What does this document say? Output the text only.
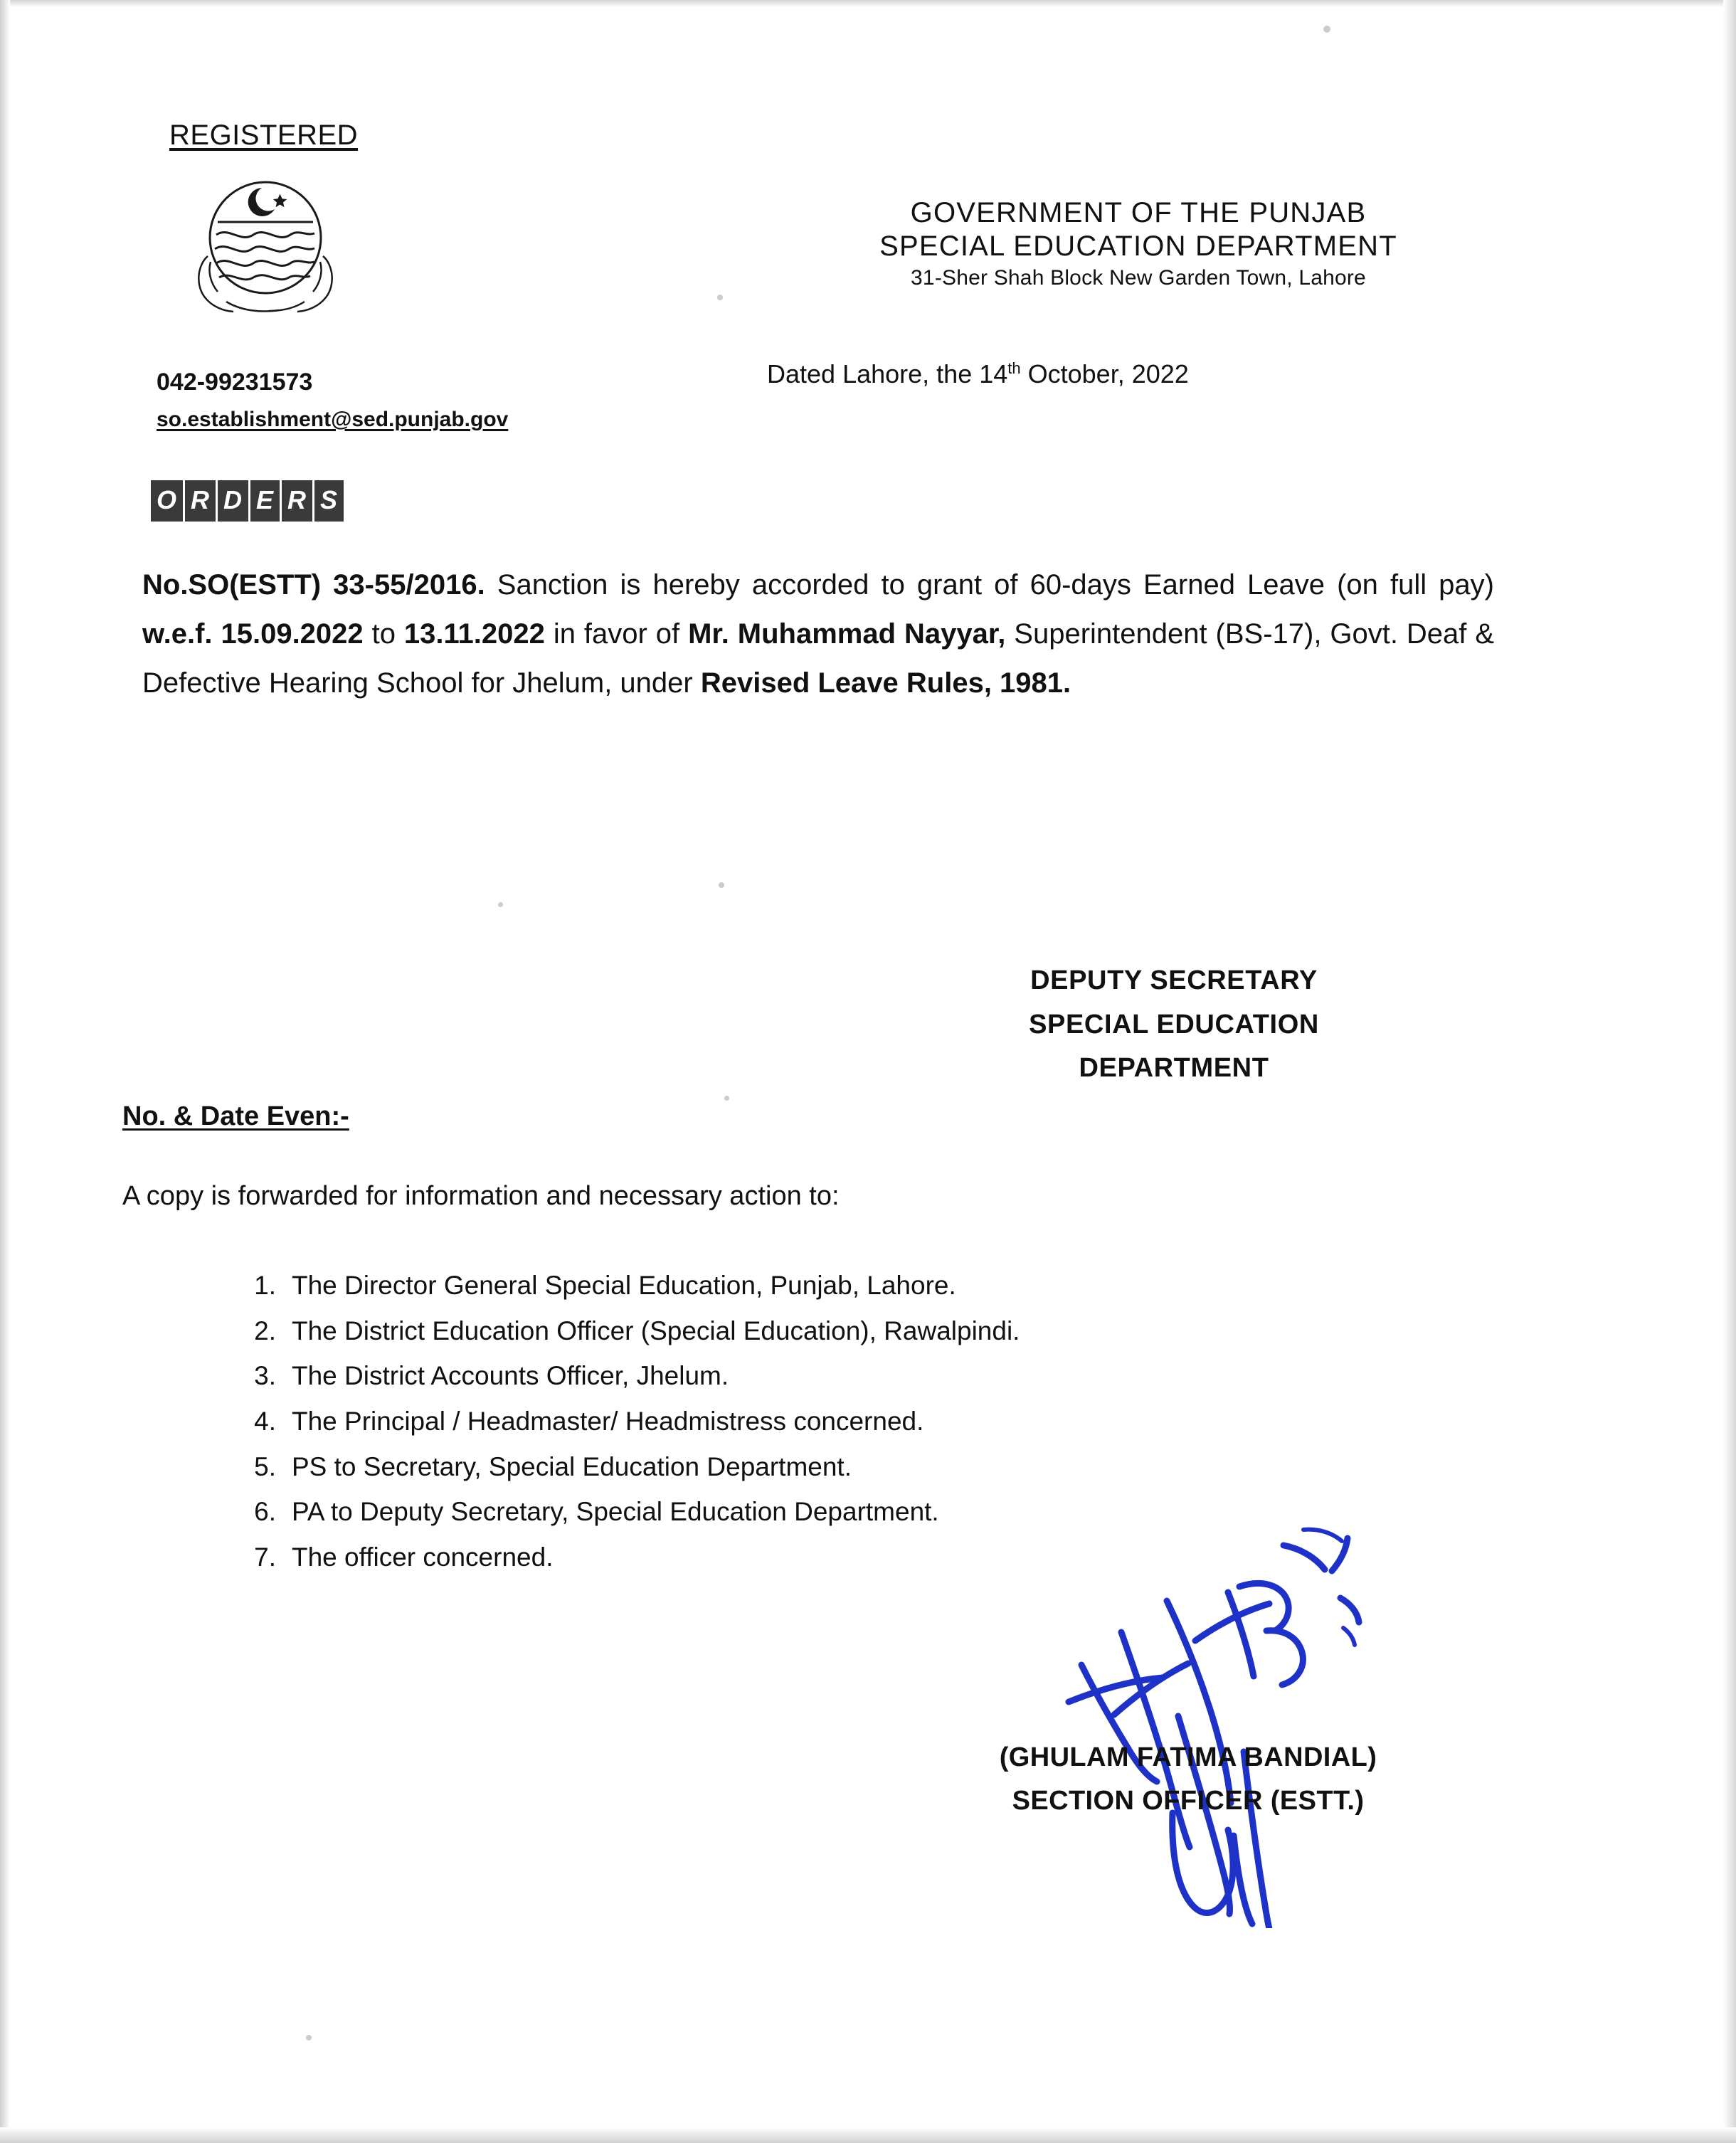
REGISTERED
042-99231573
so.establishment@sed.punjab.gov
GOVERNMENT OF THE PUNJAB
SPECIAL EDUCATION DEPARTMENT
31-Sher Shah Block New Garden Town, Lahore
Dated Lahore, the 14th October, 2022
O R D E R S
No.SO(ESTT) 33-55/2016. Sanction is hereby accorded to grant of 60-days Earned Leave (on full pay) w.e.f. 15.09.2022 to 13.11.2022 in favor of Mr. Muhammad Nayyar, Superintendent (BS-17), Govt. Deaf & Defective Hearing School for Jhelum, under Revised Leave Rules, 1981.
DEPUTY SECRETARY
SPECIAL EDUCATION
DEPARTMENT
No. & Date Even:-
A copy is forwarded for information and necessary action to:
1. The Director General Special Education, Punjab, Lahore.
2. The District Education Officer (Special Education), Rawalpindi.
3. The District Accounts Officer, Jhelum.
4. The Principal / Headmaster/ Headmistress concerned.
5. PS to Secretary, Special Education Department.
6. PA to Deputy Secretary, Special Education Department.
7. The officer concerned.
(GHULAM FATIMA BANDIAL)
SECTION OFFICER (ESTT.)
